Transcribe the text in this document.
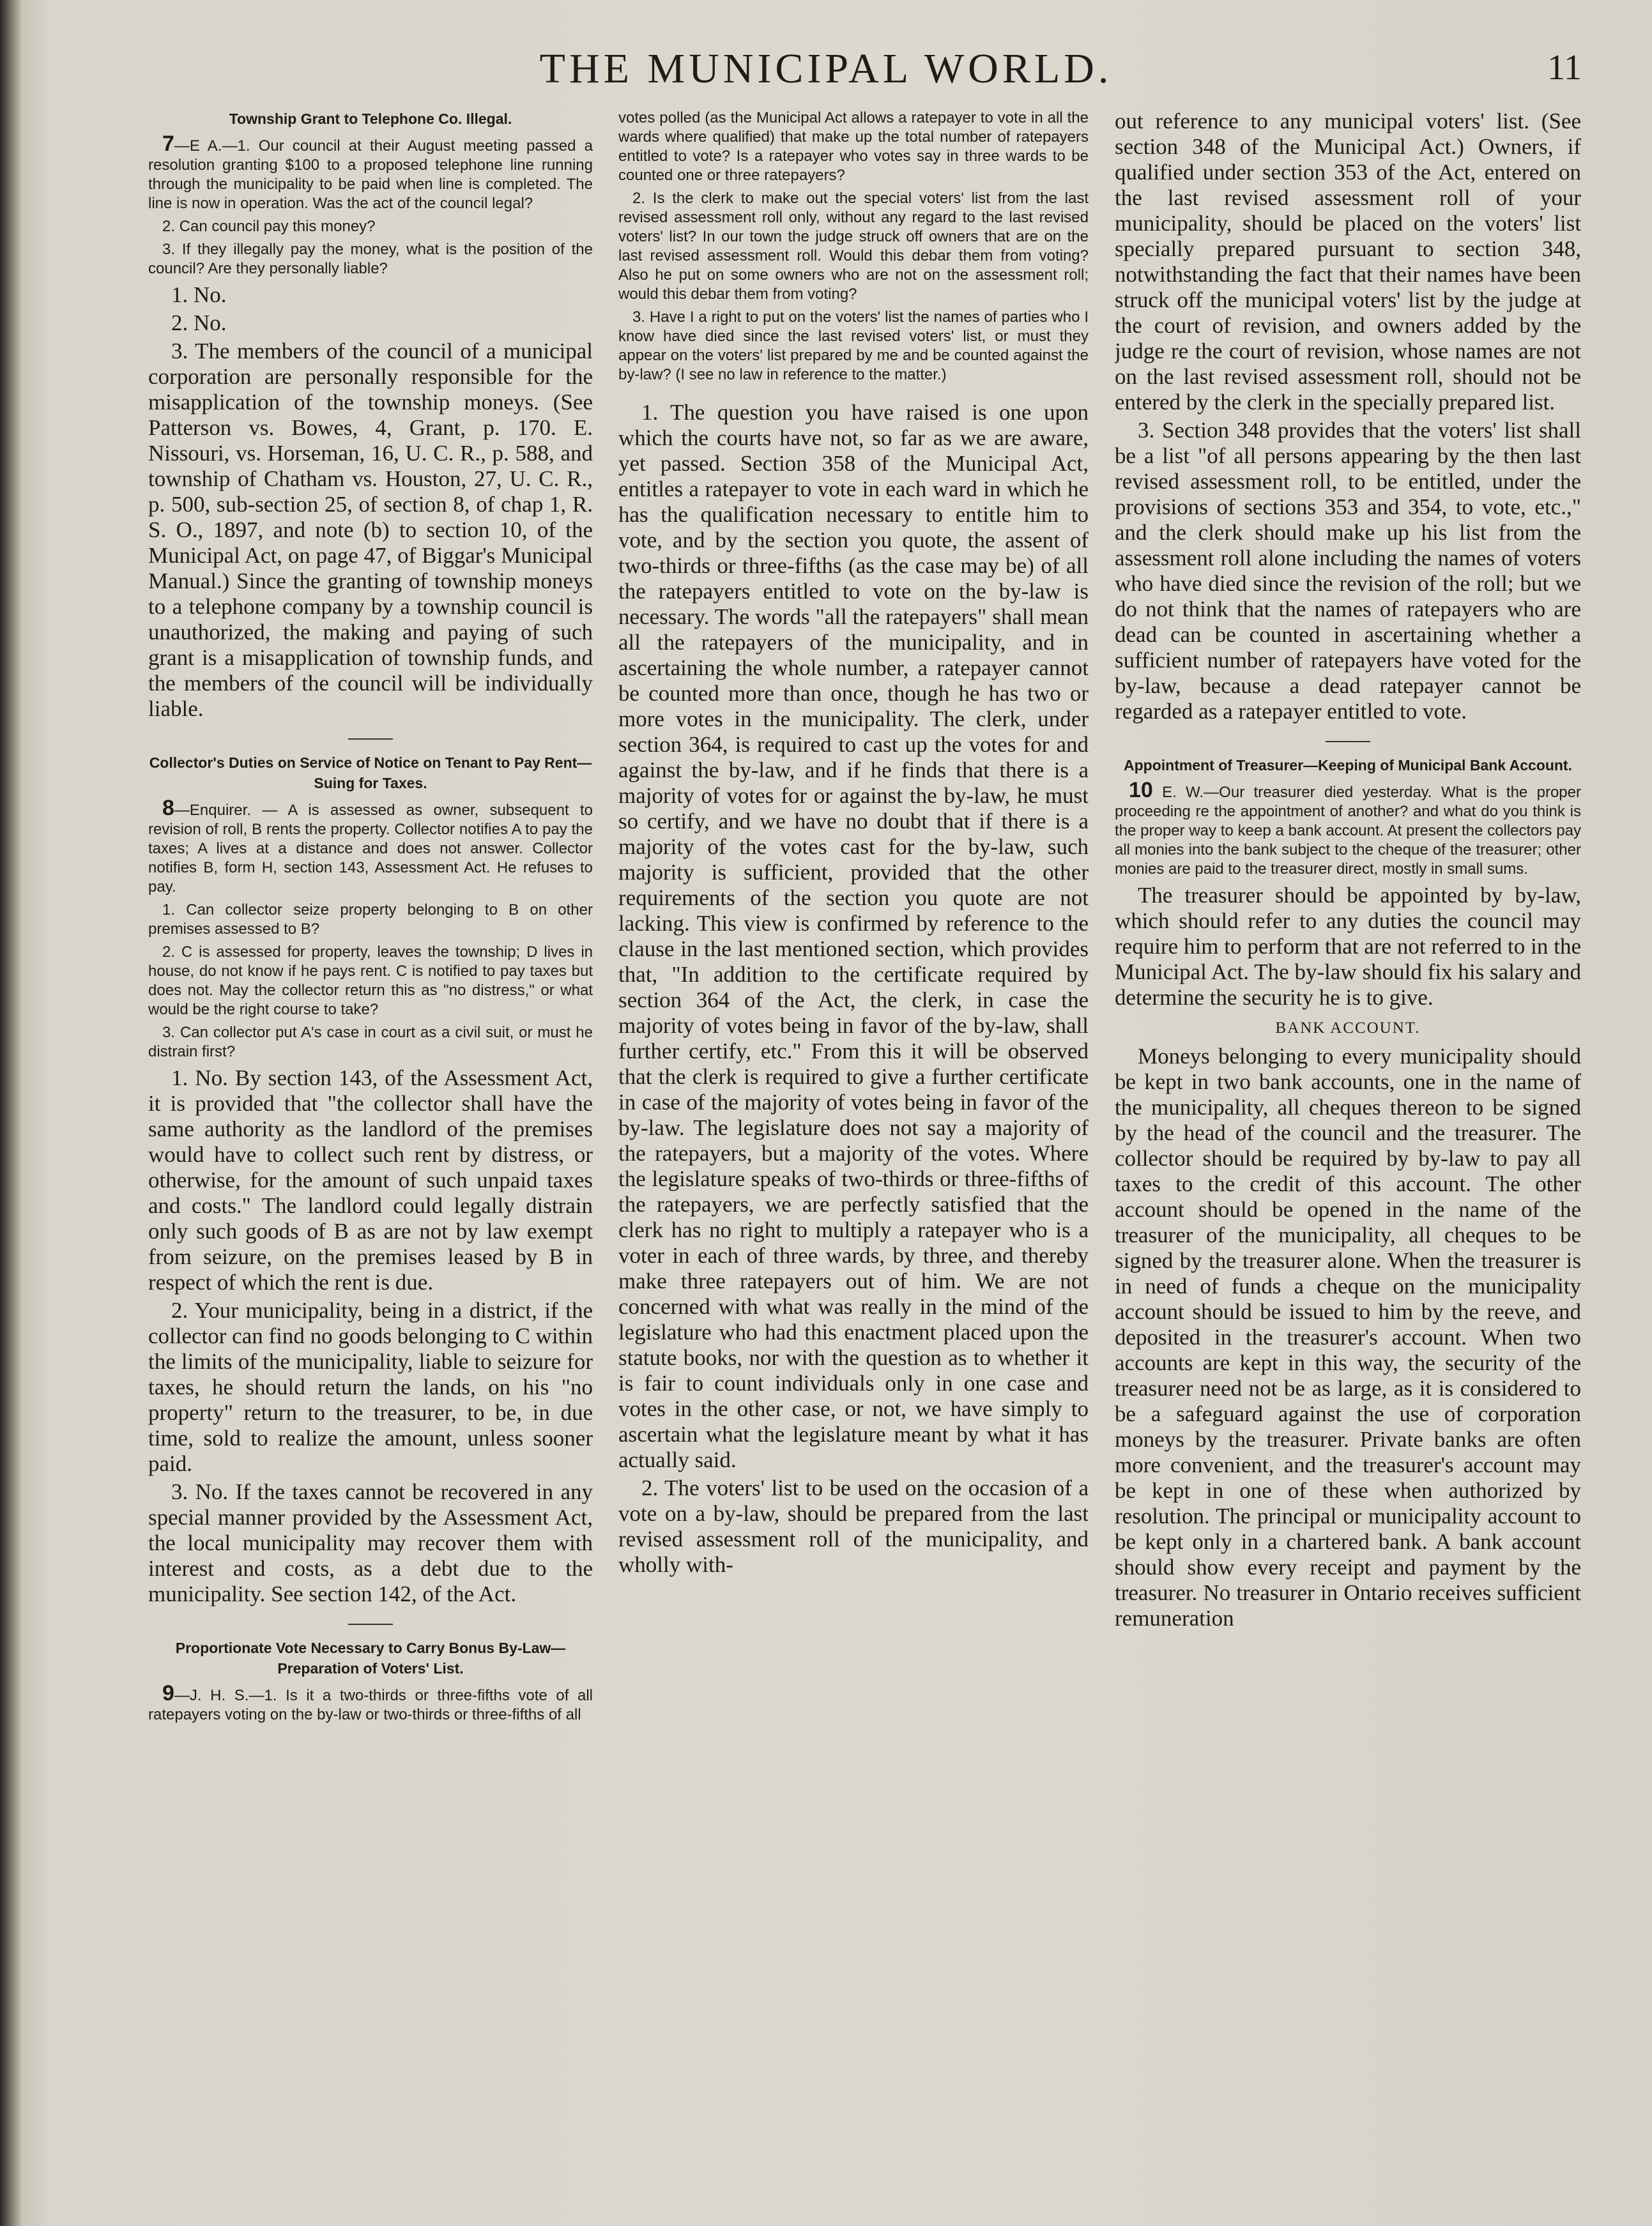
THE MUNICIPAL WORLD.	11
Township Grant to Telephone Co. Illegal.

7—E A.—1. Our council at their August meeting passed a resolution granting $100 to a proposed telephone line running through the municipality to be paid when line is completed. The line is now in operation. Was the act of the council legal?

2. Can council pay this money?

3. If they illegally pay the money, what is the position of the council? Are they personally liable?

1. No.

2. No.

3. The members of the council of a municipal corporation are personally responsible for the misapplication of the township moneys. (See Patterson vs. Bowes, 4, Grant, p. 170. E. Nissouri, vs. Horseman, 16, U. C. R., p. 588, and township of Chatham vs. Houston, 27, U. C. R., p. 500, sub-section 25, of section 8, of chap 1, R. S. O., 1897, and note (b) to section 10, of the Municipal Act, on page 47, of Biggar's Municipal Manual.) Since the granting of township moneys to a telephone company by a township council is unauthorized, the making and paying of such grant is a misapplication of township funds, and the members of the council will be individually liable.

Collector's Duties on Service of Notice on Tenant to Pay Rent—Suing for Taxes.

8—Enquirer. — A is assessed as owner, subsequent to revision of roll, B rents the property. Collector notifies A to pay the taxes; A lives at a distance and does not answer. Collector notifies B, form H, section 143, Assessment Act. He refuses to pay.

1. Can collector seize property belonging to B on other premises assessed to B?

2. C is assessed for property, leaves the township; D lives in house, do not know if he pays rent. C is notified to pay taxes but does not. May the collector return this as "no distress," or what would be the right course to take?

3. Can collector put A's case in court as a civil suit, or must he distrain first?

1. No. By section 143, of the Assessment Act, it is provided that "the collector shall have the same authority as the landlord of the premises would have to collect such rent by distress, or otherwise, for the amount of such unpaid taxes and costs." The landlord could legally distrain only such goods of B as are not by law exempt from seizure, on the premises leased by B in respect of which the rent is due.

2. Your municipality, being in a district, if the collector can find no goods belonging to C within the limits of the municipality, liable to seizure for taxes, he should return the lands, on his "no property" return to the treasurer, to be, in due time, sold to realize the amount, unless sooner paid.

3. No. If the taxes cannot be recovered in any special manner provided by the Assessment Act, the local municipality may recover them with interest and costs, as a debt due to the municipality. See section 142, of the Act.

Proportionate Vote Necessary to Carry Bonus By-Law—Preparation of Voters' List.

9—J. H. S.—1. Is it a two-thirds or three-fifths vote of all ratepayers voting on the by-law or two-thirds or three-fifths of all

votes polled (as the Municipal Act allows a ratepayer to vote in all the wards where qualified) that make up the total number of ratepayers entitled to vote? Is a ratepayer who votes say in three wards to be counted one or three ratepayers?

2. Is the clerk to make out the special voters' list from the last revised assessment roll only, without any regard to the last revised voters' list? In our town the judge struck off owners that are on the last revised assessment roll. Would this debar them from voting? Also he put on some owners who are not on the assessment roll; would this debar them from voting?

3. Have I a right to put on the voters' list the names of parties who I know have died since the last revised voters' list, or must they appear on the voters' list prepared by me and be counted against the by-law? (I see no law in reference to the matter.)

1. The question you have raised is one upon which the courts have not, so far as we are aware, yet passed. Section 358 of the Municipal Act, entitles a ratepayer to vote in each ward in which he has the qualification necessary to entitle him to vote, and by the section you quote, the assent of two-thirds or three-fifths (as the case may be) of all the ratepayers entitled to vote on the by-law is necessary. The words "all the ratepayers" shall mean all the ratepayers of the municipality, and in ascertaining the whole number, a ratepayer cannot be counted more than once, though he has two or more votes in the municipality. The clerk, under section 364, is required to cast up the votes for and against the by-law, and if he finds that there is a majority of votes for or against the by-law, he must so certify, and we have no doubt that if there is a majority of the votes cast for the by-law, such majority is sufficient, provided that the other requirements of the section you quote are not lacking. This view is confirmed by reference to the clause in the last mentioned section, which provides that, "In addition to the certificate required by section 364 of the Act, the clerk, in case the majority of votes being in favor of the by-law, shall further certify, etc." From this it will be observed that the clerk is required to give a further certificate in case of the majority of votes being in favor of the by-law. The legislature does not say a majority of the ratepayers, but a majority of the votes. Where the legislature speaks of two-thirds or three-fifths of the ratepayers, we are perfectly satisfied that the clerk has no right to multiply a ratepayer who is a voter in each of three wards, by three, and thereby make three ratepayers out of him. We are not concerned with what was really in the mind of the legislature who had this enactment placed upon the statute books, nor with the question as to whether it is fair to count individuals only in one case and votes in the other case, or not, we have simply to ascertain what the legislature meant by what it has actually said.

2. The voters' list to be used on the occasion of a vote on a by-law, should be prepared from the last revised assessment roll of the municipality, and wholly with-

out reference to any municipal voters' list. (See section 348 of the Municipal Act.) Owners, if qualified under section 353 of the Act, entered on the last revised assessment roll of your municipality, should be placed on the voters' list specially prepared pursuant to section 348, notwithstanding the fact that their names have been struck off the municipal voters' list by the judge at the court of revision, and owners added by the judge re the court of revision, whose names are not on the last revised assessment roll, should not be entered by the clerk in the specially prepared list.

3. Section 348 provides that the voters' list shall be a list "of all persons appearing by the then last revised assessment roll, to be entitled, under the provisions of sections 353 and 354, to vote, etc.," and the clerk should make up his list from the assessment roll alone including the names of voters who have died since the revision of the roll; but we do not think that the names of ratepayers who are dead can be counted in ascertaining whether a sufficient number of ratepayers have voted for the by-law, because a dead ratepayer cannot be regarded as a ratepayer entitled to vote.

Appointment of Treasurer—Keeping of Municipal Bank Account.

10 E. W.—Our treasurer died yesterday. What is the proper proceeding re the appointment of another? and what do you think is the proper way to keep a bank account. At present the collectors pay all monies into the bank subject to the cheque of the treasurer; other monies are paid to the treasurer direct, mostly in small sums.

The treasurer should be appointed by by-law, which should refer to any duties the council may require him to perform that are not referred to in the Municipal Act. The by-law should fix his salary and determine the security he is to give.

BANK ACCOUNT.

Moneys belonging to every municipality should be kept in two bank accounts, one in the name of the municipality, all cheques thereon to be signed by the head of the council and the treasurer. The collector should be required by by-law to pay all taxes to the credit of this account. The other account should be opened in the name of the treasurer of the municipality, all cheques to be signed by the treasurer alone. When the treasurer is in need of funds a cheque on the municipality account should be issued to him by the reeve, and deposited in the treasurer's account. When two accounts are kept in this way, the security of the treasurer need not be as large, as it is considered to be a safeguard against the use of corporation moneys by the treasurer. Private banks are often more convenient, and the treasurer's account may be kept in one of these when authorized by resolution. The principal or municipality account to be kept only in a chartered bank. A bank account should show every receipt and payment by the treasurer. No treasurer in Ontario receives sufficient remuneration
